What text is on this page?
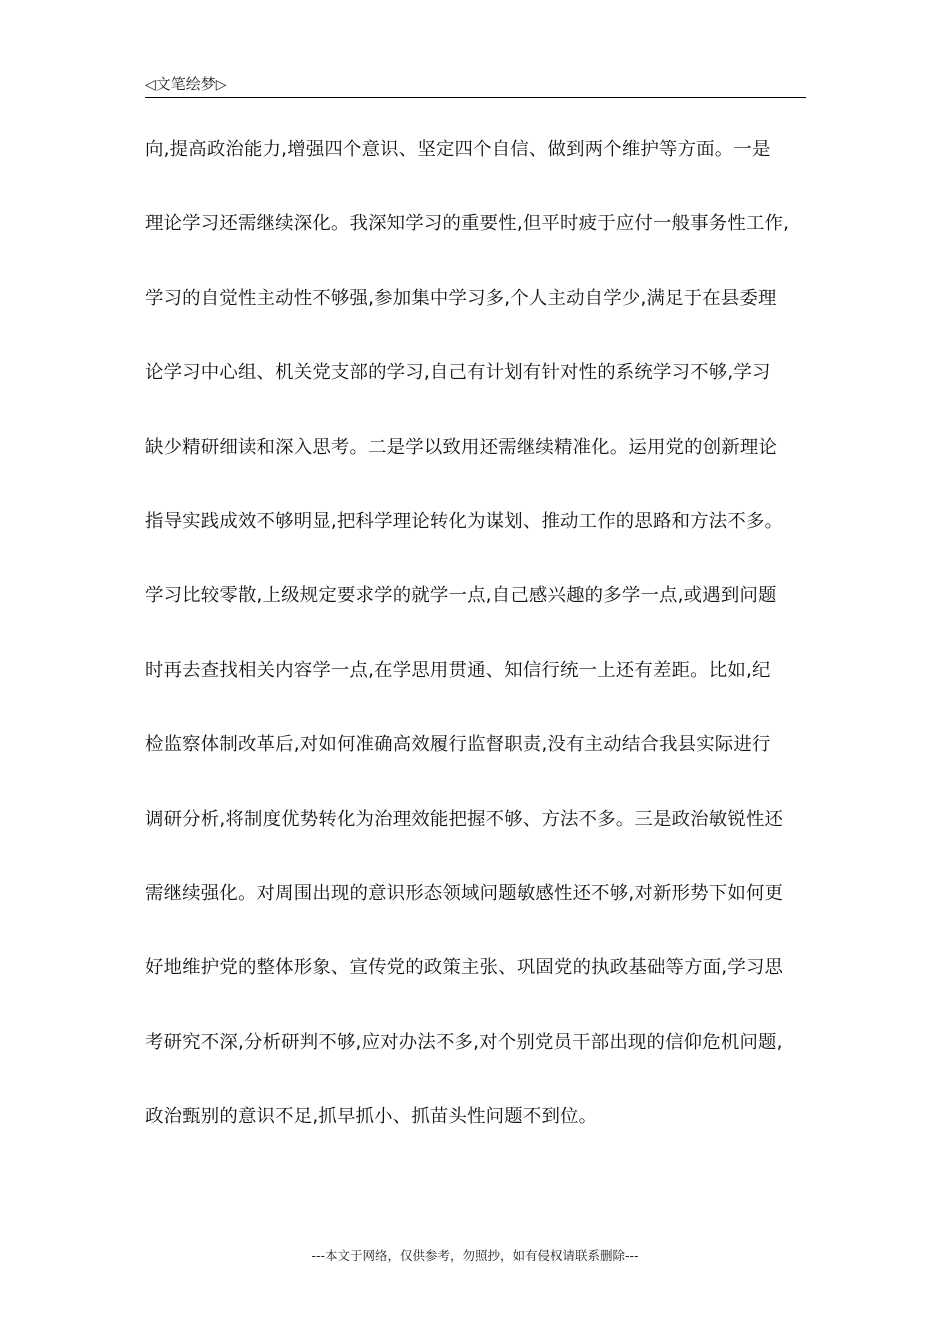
◁文笔绘梦▷
向,提高政治能力,增强四个意识、坚定四个自信、做到两个维护等方面。一是
理论学习还需继续深化。我深知学习的重要性,但平时疲于应付一般事务性工作,
学习的自觉性主动性不够强,参加集中学习多,个人主动自学少,满足于在县委理
论学习中心组、机关党支部的学习,自己有计划有针对性的系统学习不够,学习
缺少精研细读和深入思考。二是学以致用还需继续精准化。运用党的创新理论
指导实践成效不够明显,把科学理论转化为谋划、推动工作的思路和方法不多。
学习比较零散,上级规定要求学的就学一点,自己感兴趣的多学一点,或遇到问题
时再去查找相关内容学一点,在学思用贯通、知信行统一上还有差距。比如,纪
检监察体制改革后,对如何准确高效履行监督职责,没有主动结合我县实际进行
调研分析,将制度优势转化为治理效能把握不够、方法不多。三是政治敏锐性还
需继续强化。对周围出现的意识形态领域问题敏感性还不够,对新形势下如何更
好地维护党的整体形象、宣传党的政策主张、巩固党的执政基础等方面,学习思
考研究不深,分析研判不够,应对办法不多,对个别党员干部出现的信仰危机问题,
政治甄别的意识不足,抓早抓小、抓苗头性问题不到位。
---本文于网络，仅供参考，勿照抄，如有侵权请联系删除---
